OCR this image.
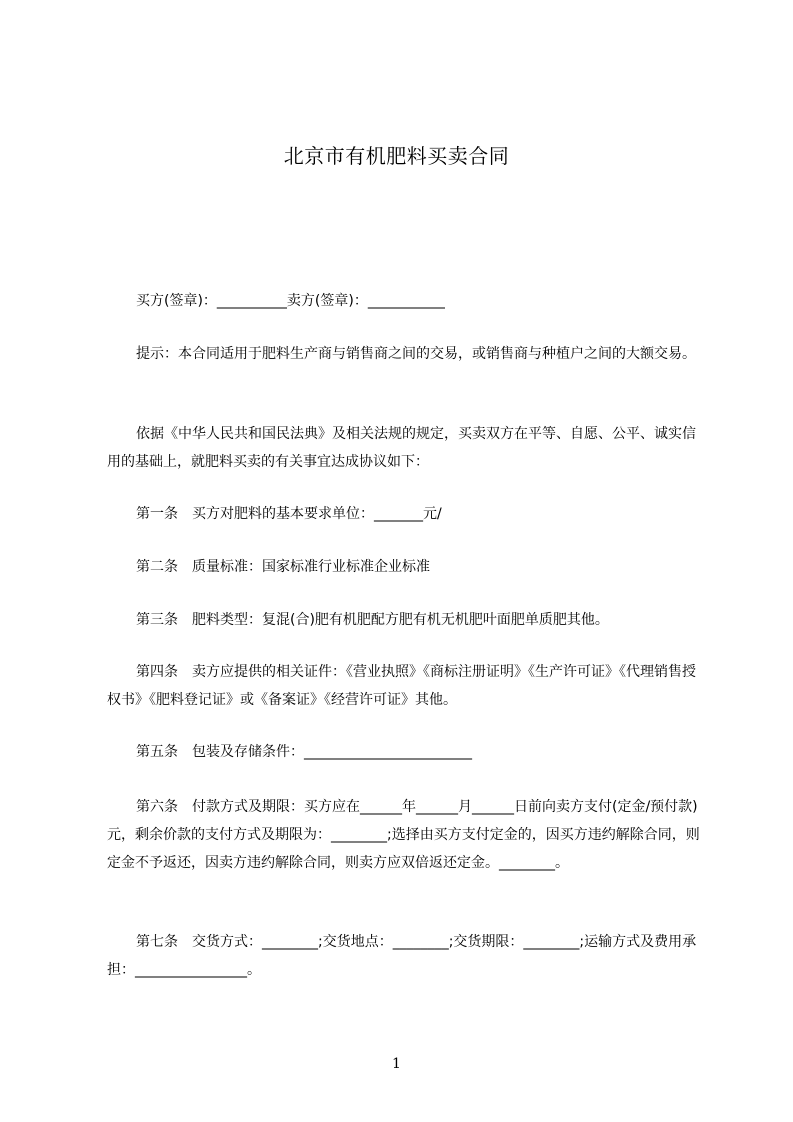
北京市有机肥料买卖合同
买方(签章)：__________卖方(签章)：___________
提示：本合同适用于肥料生产商与销售商之间的交易，或销售商与种植户之间的大额交易。
依据《中华人民共和国民法典》及相关法规的规定，买卖双方在平等、自愿、公平、诚实信用的基础上，就肥料买卖的有关事宜达成协议如下：
第一条　买方对肥料的基本要求单位：_______元/
第二条　质量标准：国家标准行业标准企业标准
第三条　肥料类型：复混(合)肥有机肥配方肥有机无机肥叶面肥单质肥其他。
第四条　卖方应提供的相关证件：《营业执照》《商标注册证明》《生产许可证》《代理销售授权书》《肥料登记证》或《备案证》《经营许可证》其他。
第五条　包装及存储条件：________________________
第六条　付款方式及期限：买方应在______年______月______日前向卖方支付(定金/预付款)元，剩余价款的支付方式及期限为：________;选择由买方支付定金的，因买方违约解除合同，则定金不予返还，因卖方违约解除合同，则卖方应双倍返还定金。________。
第七条　交货方式：________;交货地点：________;交货期限：________;运输方式及费用承担：________________。
1
